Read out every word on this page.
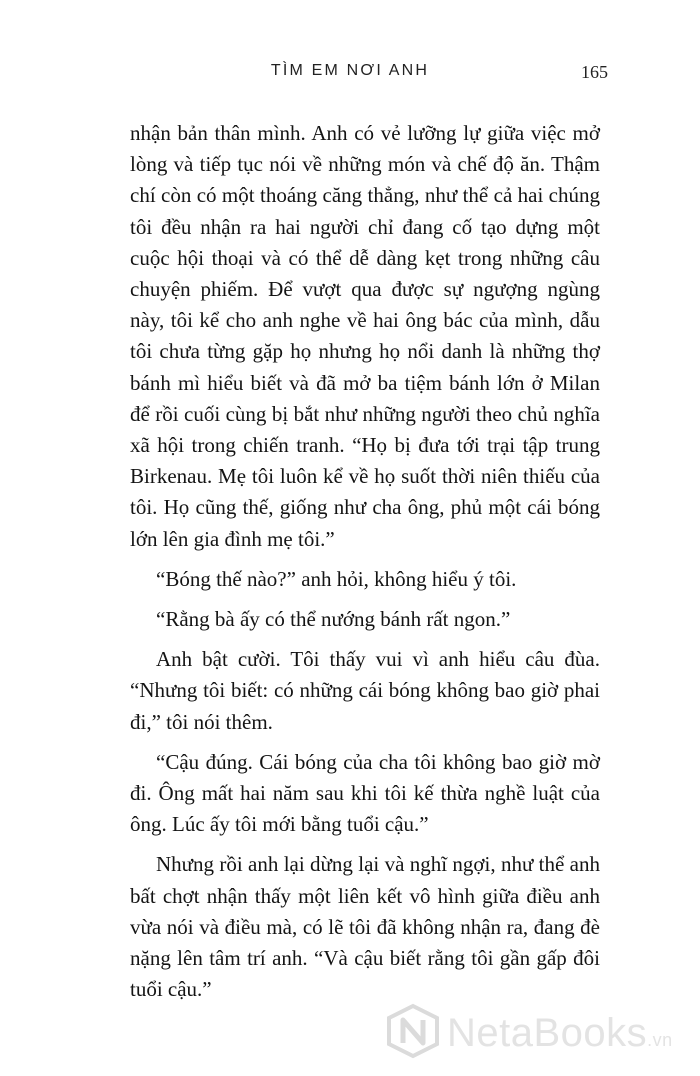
TÌM EM NƠI ANH	165

nhận bản thân mình. Anh có vẻ lưỡng lự giữa việc mở lòng và tiếp tục nói về những món và chế độ ăn. Thậm chí còn có một thoáng căng thẳng, như thể cả hai chúng tôi đều nhận ra hai người chỉ đang cố tạo dựng một cuộc hội thoại và có thể dễ dàng kẹt trong những câu chuyện phiếm. Để vượt qua được sự ngượng ngùng này, tôi kể cho anh nghe về hai ông bác của mình, dẫu tôi chưa từng gặp họ nhưng họ nổi danh là những thợ bánh mì hiểu biết và đã mở ba tiệm bánh lớn ở Milan để rồi cuối cùng bị bắt như những người theo chủ nghĩa xã hội trong chiến tranh. “Họ bị đưa tới trại tập trung Birkenau. Mẹ tôi luôn kể về họ suốt thời niên thiếu của tôi. Họ cũng thế, giống như cha ông, phủ một cái bóng lớn lên gia đình mẹ tôi.”

“Bóng thế nào?” anh hỏi, không hiểu ý tôi.

“Rằng bà ấy có thể nướng bánh rất ngon.”

Anh bật cười. Tôi thấy vui vì anh hiểu câu đùa. “Nhưng tôi biết: có những cái bóng không bao giờ phai đi,” tôi nói thêm.

“Cậu đúng. Cái bóng của cha tôi không bao giờ mờ đi. Ông mất hai năm sau khi tôi kế thừa nghề luật của ông. Lúc ấy tôi mới bằng tuổi cậu.”

Nhưng rồi anh lại dừng lại và nghĩ ngợi, như thể anh bất chợt nhận thấy một liên kết vô hình giữa điều anh vừa nói và điều mà, có lẽ tôi đã không nhận ra, đang đè nặng lên tâm trí anh. “Và cậu biết rằng tôi gần gấp đôi tuổi cậu.”

NetaBooks.vn
